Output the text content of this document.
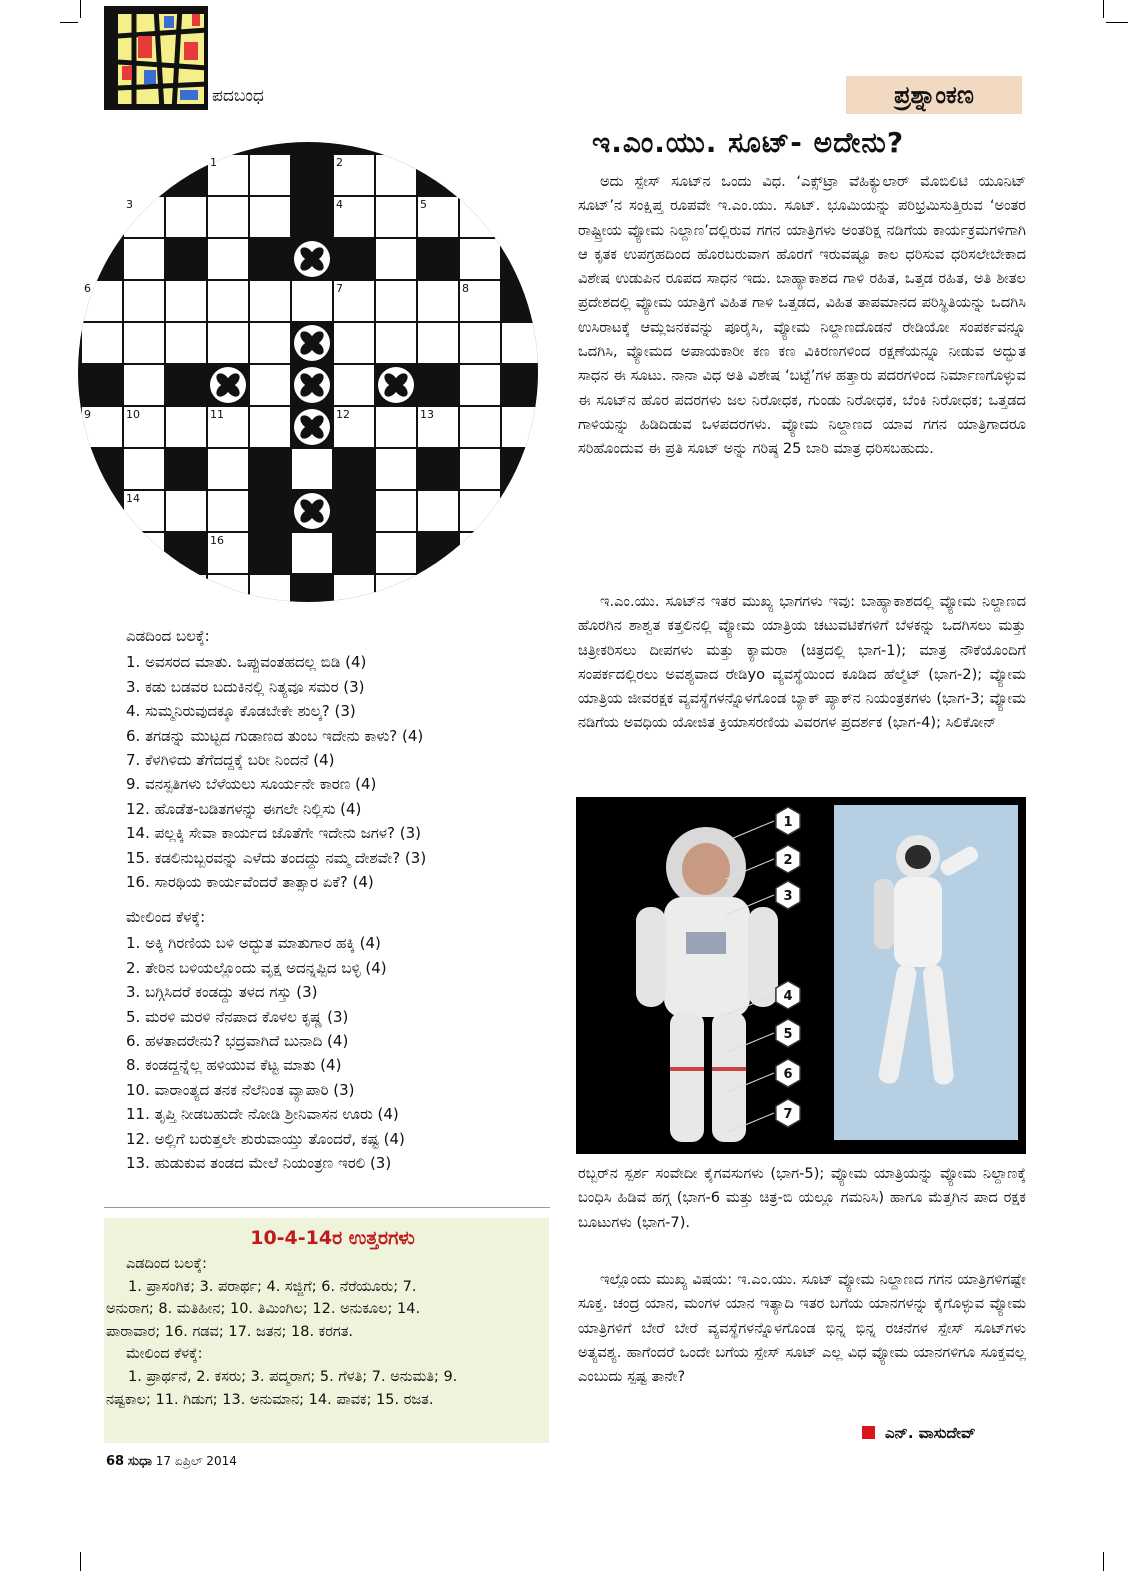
ಪದಬಂಧ	ಪ್ರಶ್ನಾಂಕಣ
1	2
3	4	5
6	7	8
9	10	11	12	13
14	15
16
ಎಡದಿಂದ ಬಲಕ್ಕೆ:
1. ಅವಸರದ ಮಾತು. ಒಪ್ಪುವಂತಹದಲ್ಲ ಬಿಡಿ (4)
3. ಕಡು ಬಡವರ ಬದುಕಿನಲ್ಲಿ ನಿತ್ಯವೂ ಸಮರ (3)
4. ಸುಮ್ಮನಿರುವುದಕ್ಕೂ ಕೊಡಬೇಕೇ ಶುಲ್ಕ? (3)
6. ತಗಡನ್ನು ಮುಟ್ಟದ ಗುಡಾಣದ ತುಂಬ ಇದೇನು ಕಾಳು? (4)
7. ಕೆಳಗಿಳಿದು ತೆಗೆದದ್ದಕ್ಕೆ ಬರೀ ನಿಂದನೆ (4)
9. ವನಸ್ಪತಿಗಳು ಬೆಳೆಯಲು ಸೂರ್ಯನೇ ಕಾರಣ (4)
12. ಹೊಡೆತ-ಬಡಿತಗಳನ್ನು ಈಗಲೇ ನಿಲ್ಲಿಸು (4)
14. ಪಲ್ಲಕ್ಕಿ ಸೇವಾ ಕಾರ್ಯದ ಜೊತೆಗೇ ಇದೇನು ಜಗಳ? (3)
15. ಕಡಲಿನುಬ್ಬರವನ್ನು ಎಳೆದು ತಂದದ್ದು ನಮ್ಮ ದೇಶವೇ? (3)
16. ಸಾರಥಿಯ ಕಾರ್ಯವೆಂದರೆ ತಾತ್ಸಾರ ಏಕೆ? (4)
ಮೇಲಿಂದ ಕೆಳಕ್ಕೆ:
1. ಅಕ್ಕಿ ಗಿರಣಿಯ ಬಳಿ ಅದ್ಭುತ ಮಾತುಗಾರ ಹಕ್ಕಿ (4)
2. ತೇರಿನ ಬಳಿಯಲ್ಲೊಂದು ವೃಕ್ಷ ಅದನ್ನಪ್ಪಿದ ಬಳ್ಳಿ (4)
3. ಬಗ್ಗಿಸಿದರೆ ಕಂಡದ್ದು ತಳದ ಗಸ್ತು (3)
5. ಮರಳಿ ಮರಳಿ ನೆನಪಾದ ಕೊಳಲ ಕೃಷ್ಣ (3)
6. ಹಳತಾದರೇನು? ಭದ್ರವಾಗಿದೆ ಬುನಾದಿ (4)
8. ಕಂಡದ್ದನ್ನೆಲ್ಲ ಹಳಿಯುವ ಕೆಟ್ಟ ಮಾತು (4)
10. ವಾರಾಂತ್ಯದ ತನಕ ನೆಲೆನಿಂತ ವ್ಯಾಪಾರಿ (3)
11. ತೃಪ್ತಿ ನೀಡಬಹುದೇ ನೋಡಿ ಶ್ರೀನಿವಾಸನ ಊರು (4)
12. ಅಲ್ಲಿಗೆ ಬರುತ್ತಲೇ ಶುರುವಾಯ್ತು ತೊಂದರೆ, ಕಷ್ಟ (4)
13. ಹುಡುಕುವ ತಂಡದ ಮೇಲೆ ನಿಯಂತ್ರಣ ಇರಲಿ (3)
10-4-14ರ ಉತ್ತರಗಳು
ಎಡದಿಂದ ಬಲಕ್ಕೆ:

1. ಪ್ರಾಸಂಗಿಕ; 3. ಪರಾರ್ಥ; 4. ಸಜ್ಜಿಗೆ; 6. ನೆರೆಯೂರು; 7.

ಅನುರಾಗ; 8. ಮತಿಹೀನ; 10. ತಿಮಿಂಗಿಲ; 12. ಅನುಕೂಲ; 14.

ಪಾರಾವಾರ; 16. ಗಡವ; 17. ಜತನ; 18. ಕರಗತ.

ಮೇಲಿಂದ ಕೆಳಕ್ಕೆ:

1. ಪ್ರಾರ್ಥನೆ, 2. ಕಸರು; 3. ಪದ್ಮರಾಗ; 5. ಗೆಳತಿ; 7. ಅನುಮತಿ; 9.

ನಷ್ಟಕಾಲ; 11. ಗಿಡುಗ; 13. ಅನುಮಾನ; 14. ಪಾವಕ; 15. ರಜತ.

68 ಸುಧಾ 17 ಏಪ್ರಿಲ್ 2014
ಇ.ಎಂ.ಯು. ಸೂಟ್- ಅದೇನು?

ಅದು ಸ್ಪೇಸ್ ಸೂಟ್‌ನ ಒಂದು ವಿಧ. ‘ಎಕ್ಸ್‌ಟ್ರಾ ವೆಹಿಕ್ಯುಲಾರ್ ಮೊಬಿಲಿಟಿ ಯೂನಿಟ್ ಸೂಟ್’ನ ಸಂಕ್ಷಿಪ್ತ ರೂಪವೇ ಇ.ಎಂ.ಯು. ಸೂಟ್. ಭೂಮಿಯನ್ನು ಪರಿಭ್ರಮಿಸುತ್ತಿರುವ ‘ಅಂತರ ರಾಷ್ಟ್ರೀಯ ವ್ಯೋಮ ನಿಲ್ದಾಣ’ದಲ್ಲಿರುವ ಗಗನ ಯಾತ್ರಿಗಳು ಅಂತರಿಕ್ಷ ನಡಿಗೆಯ ಕಾರ್ಯಕ್ರಮಗಳಿಗಾಗಿ ಆ ಕೃತಕ ಉಪಗ್ರಹದಿಂದ ಹೊರಬರುವಾಗ ಹೊರಗೆ ಇರುವಷ್ಟೂ ಕಾಲ ಧರಿಸುವ ಧರಿಸಲೇಬೇಕಾದ ವಿಶೇಷ ಉಡುಪಿನ ರೂಪದ ಸಾಧನ ಇದು. ಬಾಹ್ಯಾಕಾಶದ ಗಾಳಿ ರಹಿತ, ಒತ್ತಡ ರಹಿತ, ಅತಿ ಶೀತಲ ಪ್ರದೇಶದಲ್ಲಿ ವ್ಯೋಮ ಯಾತ್ರಿಗೆ ವಿಹಿತ ಗಾಳಿ ಒತ್ತಡದ, ವಿಹಿತ ತಾಪಮಾನದ ಪರಿಸ್ಥಿತಿಯನ್ನು ಒದಗಿಸಿ ಉಸಿರಾಟಕ್ಕೆ ಆಮ್ಲಜನಕವನ್ನು ಪೂರೈಸಿ, ವ್ಯೋಮ ನಿಲ್ದಾಣದೊಡನೆ ರೇಡಿಯೋ ಸಂಪರ್ಕವನ್ನೂ ಒದಗಿಸಿ, ವ್ಯೋಮದ ಅಪಾಯಕಾರೀ ಕಣ ಕಣ ವಿಕಿರಣಗಳಿಂದ ರಕ್ಷಣೆಯನ್ನೂ ನೀಡುವ ಅದ್ಭುತ ಸಾಧನ ಈ ಸೂಟು. ನಾನಾ ವಿಧ ಅತಿ ವಿಶೇಷ ‘ಬಟ್ಟೆ’ಗಳ ಹತ್ತಾರು ಪದರಗಳಿಂದ ನಿರ್ಮಾಣಗೊಳ್ಳುವ ಈ ಸೂಟ್‌ನ ಹೊರ ಪದರಗಳು ಜಲ ನಿರೋಧಕ, ಗುಂಡು ನಿರೋಧಕ, ಬೆಂಕಿ ನಿರೋಧಕ; ಒತ್ತಡದ ಗಾಳಿಯನ್ನು ಹಿಡಿದಿಡುವ ಒಳಪದರಗಳು. ವ್ಯೋಮ ನಿಲ್ದಾಣದ ಯಾವ ಗಗನ ಯಾತ್ರಿಗಾದರೂ ಸರಿಹೊಂದುವ ಈ ಪ್ರತಿ ಸೂಟ್ ಅನ್ನು ಗರಿಷ್ಠ 25 ಬಾರಿ ಮಾತ್ರ ಧರಿಸಬಹುದು.

ಇ.ಎಂ.ಯು. ಸೂಟ್‌ನ ಇತರ ಮುಖ್ಯ ಭಾಗಗಳು ಇವು: ಬಾಹ್ಯಾಕಾಶದಲ್ಲಿ ವ್ಯೋಮ ನಿಲ್ದಾಣದ ಹೊರಗಿನ ಶಾಶ್ವತ ಕತ್ತಲಿನಲ್ಲಿ ವ್ಯೋಮ ಯಾತ್ರಿಯ ಚಟುವಟಿಕೆಗಳಿಗೆ ಬೆಳಕನ್ನು ಒದಗಿಸಲು ಮತ್ತು ಚಿತ್ರೀಕರಿಸಲು ದೀಪಗಳು ಮತ್ತು ಕ್ಯಾಮರಾ (ಚಿತ್ರದಲ್ಲಿ ಭಾಗ-1); ಮಾತ್ರ ನೌಕೆಯೊಂದಿಗೆ ಸಂಪರ್ಕದಲ್ಲಿರಲು ಅವಶ್ಯವಾದ ರೇಡಿyo ವ್ಯವಸ್ಥೆಯಿಂದ ಕೂಡಿದ ಹೆಲ್ಮೆಟ್ (ಭಾಗ-2); ವ್ಯೋಮ ಯಾತ್ರಿಯ ಜೀವರಕ್ಷಕ ವ್ಯವಸ್ಥೆಗಳನ್ನೊಳಗೊಂಡ ಬ್ಯಾಕ್ ಪ್ಯಾಕ್‌ನ ನಿಯಂತ್ರಕಗಳು (ಭಾಗ-3; ವ್ಯೋಮ ನಡಿಗೆಯ ಅವಧಿಯ ಯೋಜಿತ ಕ್ರಿಯಾಸರಣಿಯ ವಿವರಗಳ ಪ್ರದರ್ಶಕ (ಭಾಗ-4); ಸಿಲಿಕೋನ್

1
2
3
4
5
6
7

ರಬ್ಬರ್‌ನ ಸ್ಪರ್ಶ ಸಂವೇದೀ ಕೈಗವಸುಗಳು (ಭಾಗ-5); ವ್ಯೋಮ ಯಾತ್ರಿಯನ್ನು ವ್ಯೋಮ ನಿಲ್ದಾಣಕ್ಕೆ ಬಂಧಿಸಿ ಹಿಡಿವ ಹಗ್ಗ (ಭಾಗ-6 ಮತ್ತು ಚಿತ್ರ-ಬಿ ಯಲ್ಲೂ ಗಮನಿಸಿ) ಹಾಗೂ ಮೆತ್ತಗಿನ ಪಾದ ರಕ್ಷಕ ಬೂಟುಗಳು (ಭಾಗ-7).

ಇಲ್ಲೊಂದು ಮುಖ್ಯ ವಿಷಯ: ಇ.ಎಂ.ಯು. ಸೂಟ್ ವ್ಯೋಮ ನಿಲ್ದಾಣದ ಗಗನ ಯಾತ್ರಿಗಳಿಗಷ್ಟೇ ಸೂಕ್ತ. ಚಂದ್ರ ಯಾನ, ಮಂಗಳ ಯಾನ ಇತ್ಯಾದಿ ಇತರ ಬಗೆಯ ಯಾನಗಳನ್ನು ಕೈಗೊಳ್ಳುವ ವ್ಯೋಮ ಯಾತ್ರಿಗಳಿಗೆ ಬೇರೆ ಬೇರೆ ವ್ಯವಸ್ಥೆಗಳನ್ನೊಳಗೊಂಡ ಭಿನ್ನ ಭಿನ್ನ ರಚನೆಗಳ ಸ್ಪೇಸ್ ಸೂಟ್‌ಗಳು ಅತ್ಯವಶ್ಯ. ಹಾಗೆಂದರೆ ಒಂದೇ ಬಗೆಯ ಸ್ಪೇಸ್ ಸೂಟ್ ಎಲ್ಲ ವಿಧ ವ್ಯೋಮ ಯಾನಗಳಿಗೂ ಸೂಕ್ತವಲ್ಲ ಎಂಬುದು ಸ್ಪಷ್ಟ ತಾನೇ?

ಎನ್. ವಾಸುದೇವ್
